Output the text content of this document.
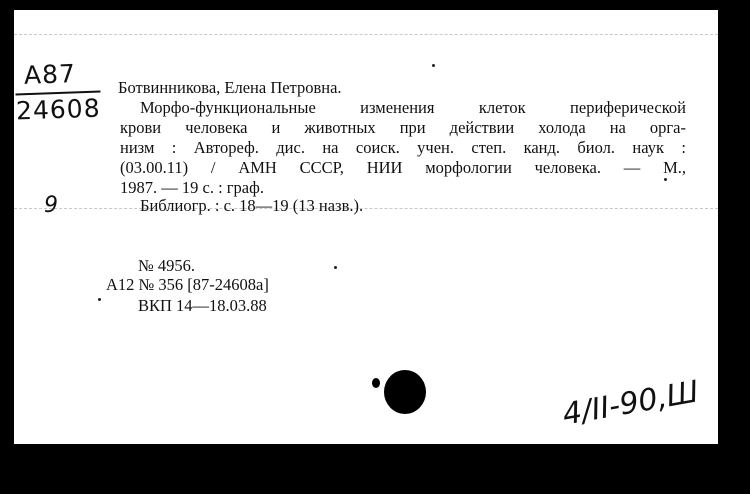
A87
24608
9
Ботвинникова, Елена Петровна.
Морфо-функциональные изменения клеток периферической
крови человека и животных при действии холода на орга-
низм : Автореф. дис. на соиск. учен. степ. канд. биол. наук :
(03.00.11) / АМН СССР, НИИ морфологии человека. — М.,
1987. — 19 с. : граф.
Библиогр. : с. 18—19 (13 назв.).
№ 4956.
А12 № 356 [87-24608а]
ВКП 14—18.03.88
4/II-90,Ш
